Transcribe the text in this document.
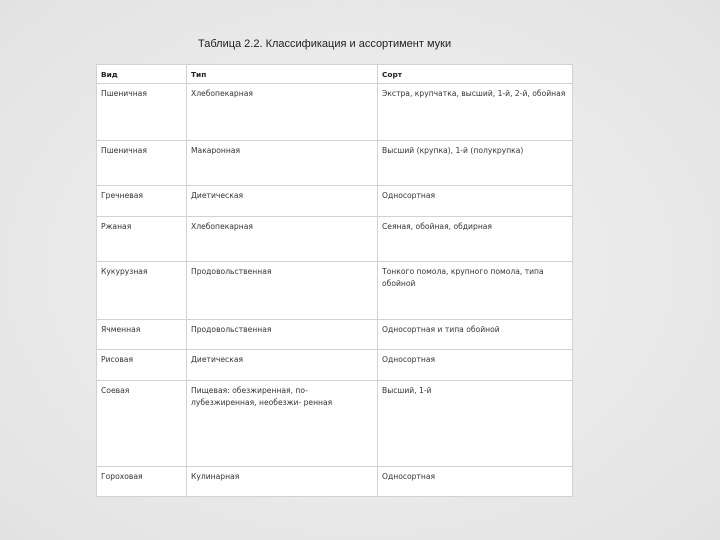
Таблица 2.2. Классификация и ассортимент муки
Вид	Тип	Сорт
Пшеничная	Хлебопекарная	Экстра, крупчатка, высший, 1-й, 2-й, обойная
Пшеничная	Макаронная	Высший (крупка), 1-й (полукрупка)
Гречневая	Диетическая	Односортная
Ржаная	Хлебопекарная	Сеяная, обойная, обдирная
Кукурузная	Продовольственная	Тонкого помола, крупного помола, типа обойной
Ячменная	Продовольственная	Односортная и типа обойной
Рисовая	Диетическая	Односортная
Соевая	Пищевая: обезжиренная, по- лубезжиренная, необезжи- ренная	Высший, 1-й
Гороховая	Кулинарная	Односортная
